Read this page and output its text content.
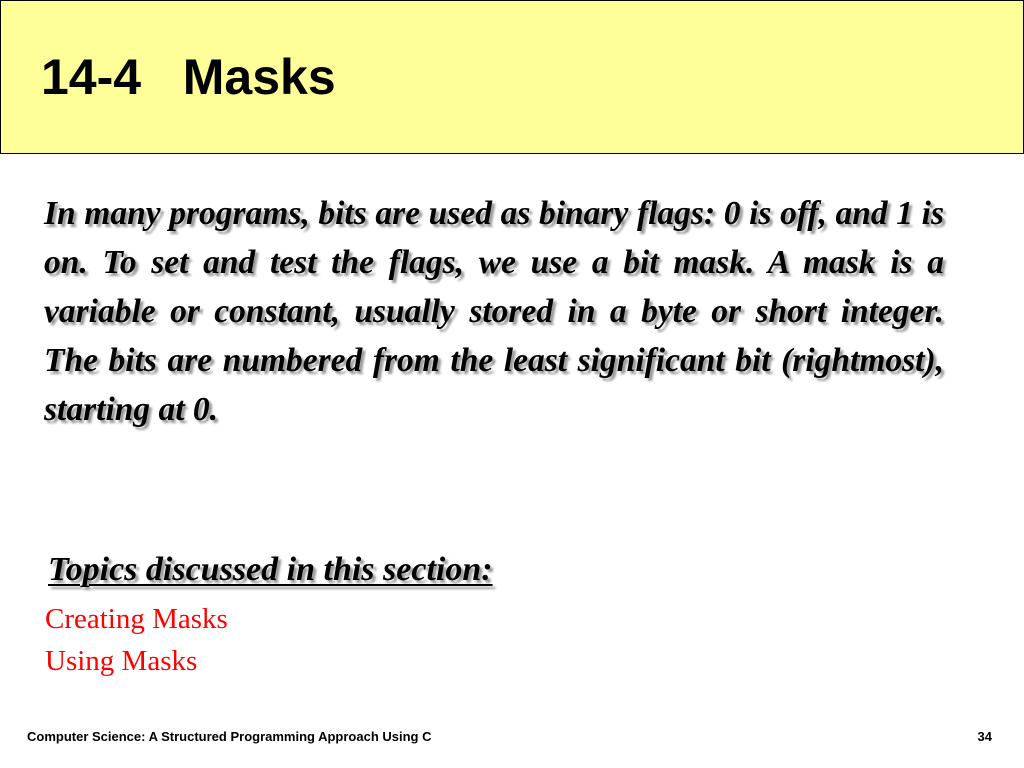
14-4   Masks

In many programs, bits are used as binary flags: 0 is off, and 1 is on. To set and test the flags, we use a bit mask. A mask is a variable or constant, usually stored in a byte or short integer. The bits are numbered from the least significant bit (rightmost), starting at 0.

Topics discussed in this section:
Creating Masks
Using Masks
Computer Science: A Structured Programming Approach Using C	34
